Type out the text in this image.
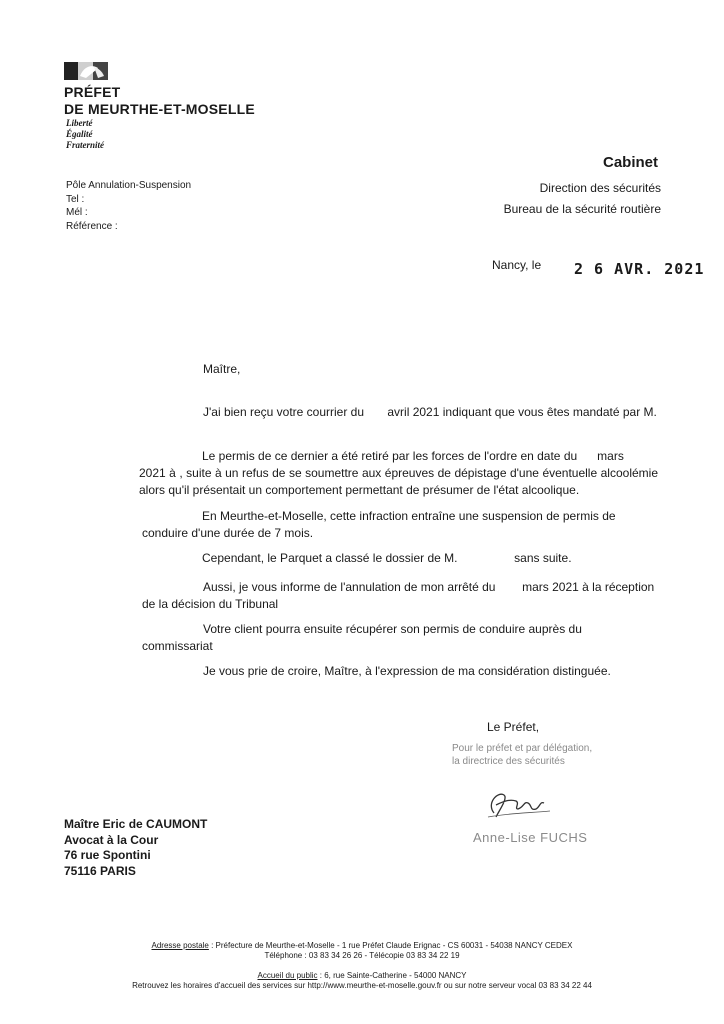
PRÉFET
DE MEURTHE-ET-MOSELLE
Liberté
Égalité
Fraternité
Cabinet
Direction des sécurités
Bureau de la sécurité routière
Pôle Annulation-Suspension
Tel :
Mél :
Référence :
Nancy, le 2 6 AVR. 2021
Maître,
J'ai bien reçu votre courrier du       avril 2021 indiquant que vous êtes mandaté par M.
Le permis de ce dernier a été retiré par les forces de l'ordre en date du      mars
2021 à , suite à un refus de se soumettre aux épreuves de dépistage d'une éventuelle alcoolémie alors qu'il présentait un comportement permettant de présumer de l'état alcoolique.
En Meurthe-et-Moselle, cette infraction entraîne une suspension de permis de
conduire d'une durée de 7 mois.
Cependant, le Parquet a classé le dossier de M.                 sans suite.
Aussi, je vous informe de l'annulation de mon arrêté du        mars 2021 à la réception
de la décision du Tribunal
Votre client pourra ensuite récupérer son permis de conduire auprès du
commissariat
Je vous prie de croire, Maître, à l'expression de ma considération distinguée.
Le Préfet,
Pour le préfet et par délégation,
la directrice des sécurités
Anne-Lise FUCHS
Maître Eric de CAUMONT
Avocat à la Cour
76 rue Spontini
75116 PARIS
Adresse postale : Préfecture de Meurthe-et-Moselle - 1 rue Préfet Claude Erignac - CS 60031 - 54038 NANCY CEDEX
Téléphone : 03 83 34 26 26 - Télécopie 03 83 34 22 19
Accueil du public : 6, rue Sainte-Catherine - 54000 NANCY
Retrouvez les horaires d'accueil des services sur http://www.meurthe-et-moselle.gouv.fr ou sur notre serveur vocal 03 83 34 22 44
